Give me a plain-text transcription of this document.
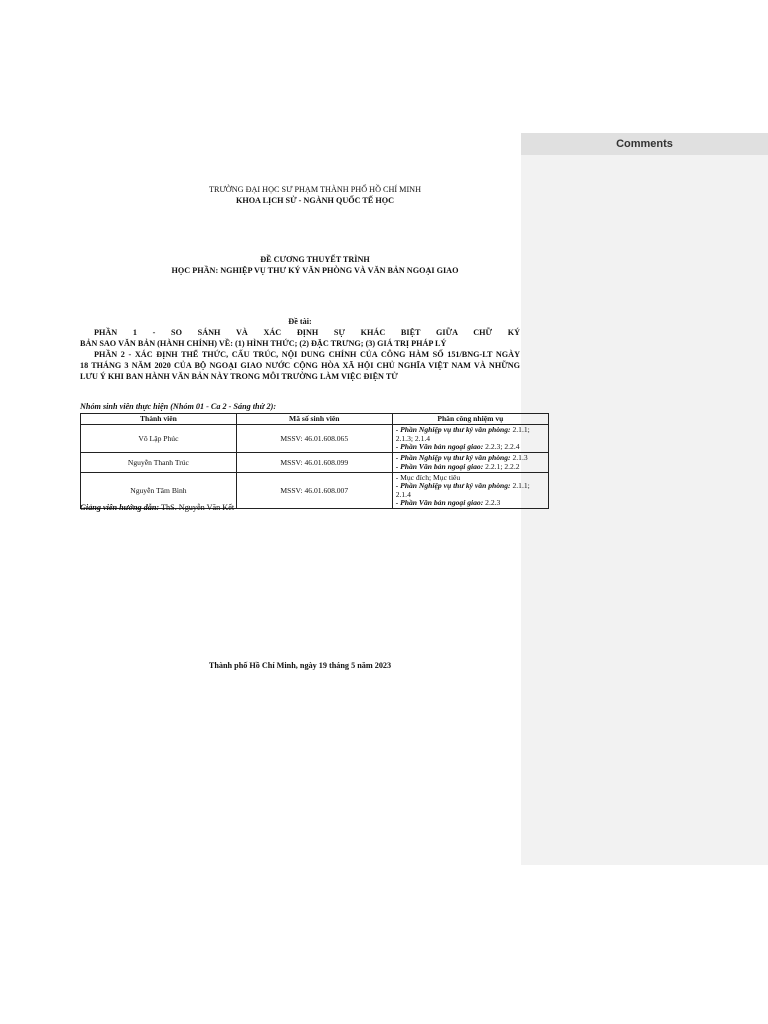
Comments
TRƯỜNG ĐẠI HỌC SƯ PHẠM THÀNH PHỐ HỒ CHÍ MINH
KHOA LỊCH SỬ - NGÀNH QUỐC TẾ HỌC
ĐỀ CƯƠNG THUYẾT TRÌNH
HỌC PHẦN: NGHIỆP VỤ THƯ KÝ VĂN PHÒNG VÀ VĂN BẢN NGOẠI GIAO
Đề tài:
PHẦN 1 - SO SÁNH VÀ XÁC ĐỊNH SỰ KHÁC BIỆT GIỮA CHỮ KÝ
BẢN SAO VĂN BẢN (HÀNH CHÍNH) VỀ: (1) HÌNH THỨC; (2) ĐẶC TRƯNG; (3) GIÁ TRỊ PHÁP LÝ
PHẦN 2 - XÁC ĐỊNH THỂ THỨC, CẤU TRÚC, NỘI DUNG CHÍNH CỦA CÔNG HÀM SỐ 151/BNG-LT NGÀY
18 THÁNG 3 NĂM 2020 CỦA BỘ NGOẠI GIAO NƯỚC CỘNG HÒA XÃ HỘI CHỦ NGHĨA VIỆT NAM VÀ NHỮNG
LƯU Ý KHI BAN HÀNH VĂN BẢN NÀY TRONG MÔI TRƯỜNG LÀM VIỆC ĐIỆN TỬ
Nhóm sinh viên thực hiện (Nhóm 01 - Ca 2 - Sáng thứ 2):
Thành viên	Mã số sinh viên	Phân công nhiệm vụ
Võ Lập Phúc	MSSV: 46.01.608.065	- Phần Nghiệp vụ thư ký văn phòng: 2.1.1; 2.1.3; 2.1.4
- Phần Văn bản ngoại giao: 2.2.3; 2.2.4

Nguyễn Thanh Trúc	MSSV: 46.01.608.099	- Phần Nghiệp vụ thư ký văn phòng: 2.1.3
- Phần Văn bản ngoại giao: 2.2.1; 2.2.2

Nguyễn Tâm Bình	MSSV: 46.01.608.007	- Mục đích; Mục tiêu
- Phần Nghiệp vụ thư ký văn phòng: 2.1.1; 2.1.4
- Phần Văn bản ngoại giao: 2.2.3
Giảng viên hướng dẫn: ThS. Nguyễn Văn Kết
Thành phố Hồ Chí Minh, ngày 19 tháng 5 năm 2023
